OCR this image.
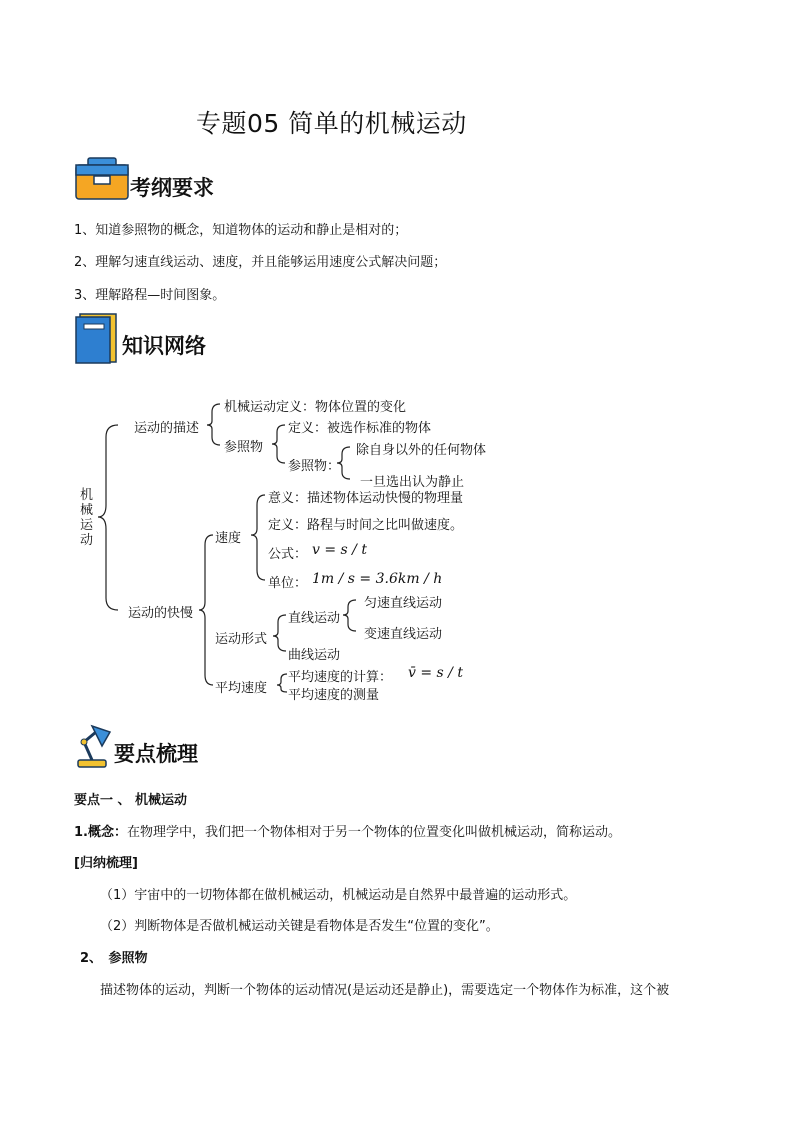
专题05 简单的机械运动
考纲要求
1、知道参照物的概念，知道物体的运动和静止是相对的；
2、理解匀速直线运动、速度，并且能够运用速度公式解决问题；
3、理解路程—时间图象。
知识网络
机械运动
运动的描述
机械运动定义：物体位置的变化
参照物
定义：被选作标准的物体
参照物：
除自身以外的任何物体
一旦选出认为静止
运动的快慢
速度
意义：描述物体运动快慢的物理量
定义：路程与时间之比叫做速度。
公式： v = s / t
单位： 1m / s = 3.6km / h
运动形式
直线运动
匀速直线运动
变速直线运动
曲线运动
平均速度
平均速度的计算： v̄ = s / t
平均速度的测量
要点梳理
要点一 、 机械运动
1.概念：在物理学中，我们把一个物体相对于另一个物体的位置变化叫做机械运动，简称运动。
[归纳梳理]
（1）宇宙中的一切物体都在做机械运动，机械运动是自然界中最普遍的运动形式。
（2）判断物体是否做机械运动关键是看物体是否发生“位置的变化”。
2、　参照物
描述物体的运动，判断一个物体的运动情况(是运动还是静止)，需要选定一个物体作为标准，这个被
